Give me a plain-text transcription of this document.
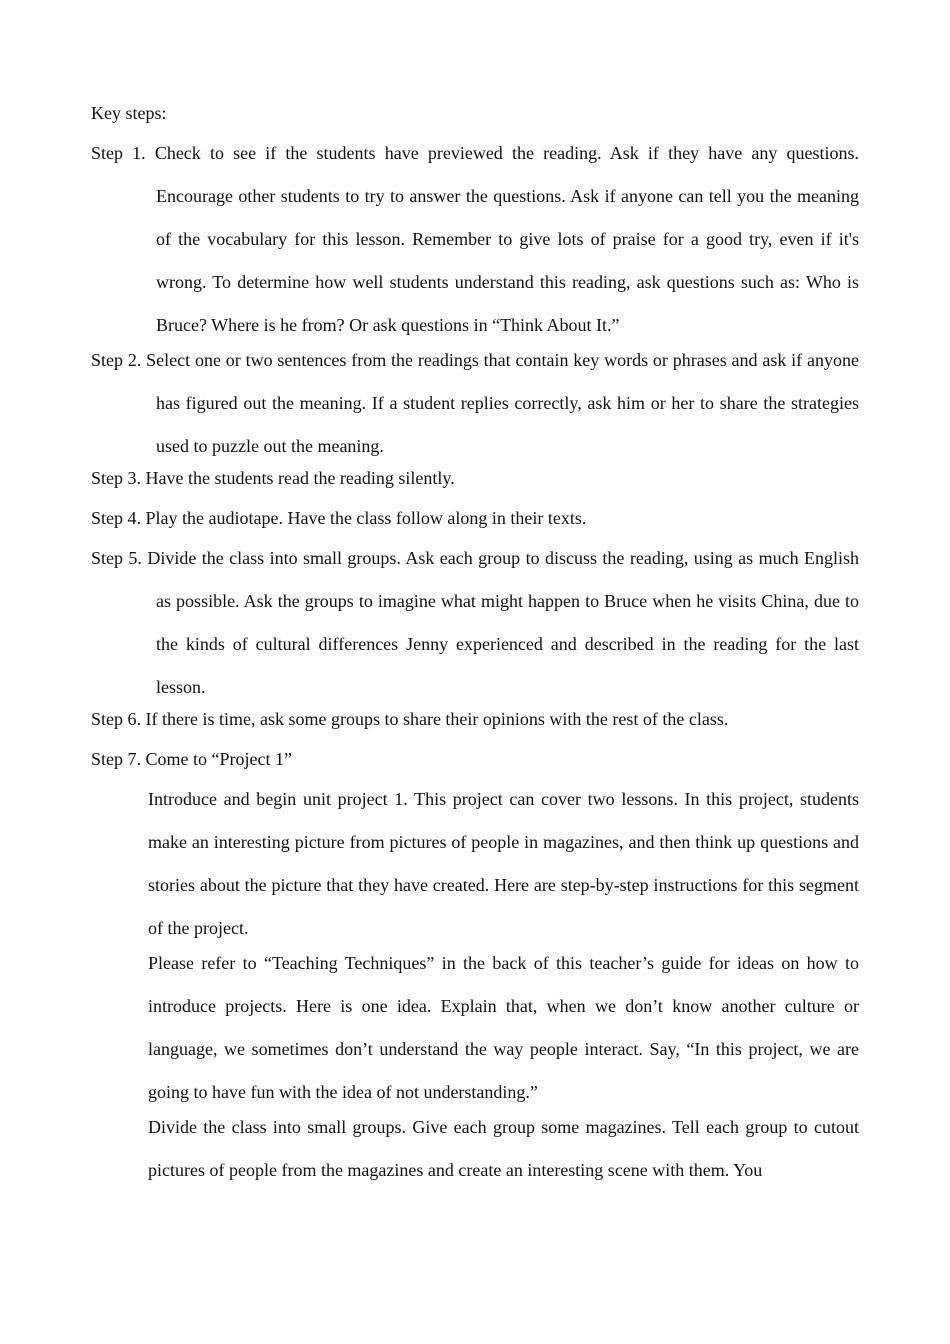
Key steps:
Step 1. Check to see if the students have previewed the reading. Ask if they have any questions. Encourage other students to try to answer the questions. Ask if anyone can tell you the meaning of the vocabulary for this lesson. Remember to give lots of praise for a good try, even if it's wrong. To determine how well students understand this reading, ask questions such as: Who is Bruce? Where is he from? Or ask questions in “Think About It.”
Step 2. Select one or two sentences from the readings that contain key words or phrases and ask if anyone has figured out the meaning. If a student replies correctly, ask him or her to share the strategies used to puzzle out the meaning.
Step 3. Have the students read the reading silently.
Step 4. Play the audiotape. Have the class follow along in their texts.
Step 5. Divide the class into small groups. Ask each group to discuss the reading, using as much English as possible. Ask the groups to imagine what might happen to Bruce when he visits China, due to the kinds of cultural differences Jenny experienced and described in the reading for the last lesson.
Step 6. If there is time, ask some groups to share their opinions with the rest of the class.
Step 7. Come to “Project 1”

Introduce and begin unit project 1. This project can cover two lessons. In this project, students make an interesting picture from pictures of people in magazines, and then think up questions and stories about the picture that they have created. Here are step-by-step instructions for this segment of the project.

Please refer to “Teaching Techniques” in the back of this teacher’s guide for ideas on how to introduce projects. Here is one idea. Explain that, when we don’t know another culture or language, we sometimes don’t understand the way people interact. Say, “In this project, we are going to have fun with the idea of not understanding.”

Divide the class into small groups. Give each group some magazines. Tell each group to cutout pictures of people from the magazines and create an interesting scene with them. You
